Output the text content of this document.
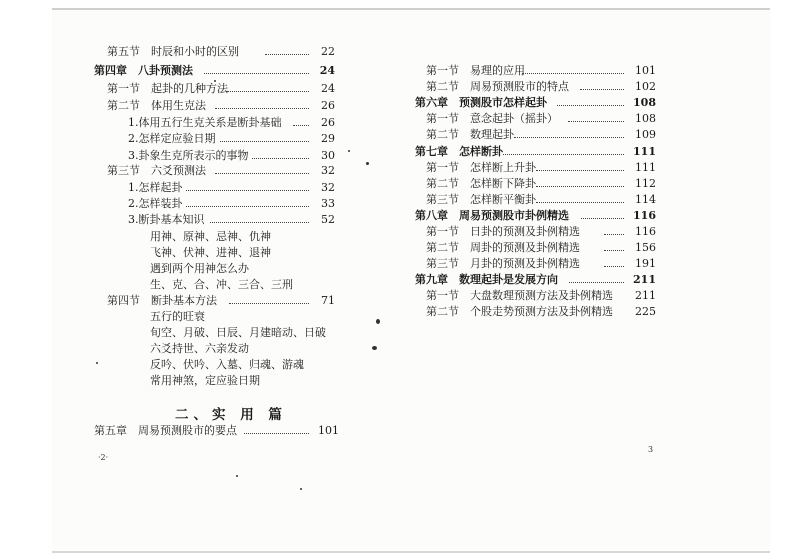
第五节　时辰和小时的区别	22
第四章　八卦预测法	24
第一节　起卦的几种方法	24
第二节　体用生克法	26
1.体用五行生克关系是断卦基础	26
2.怎样定应验日期	29
3.卦象生克所表示的事物	30
第三节　六爻预测法	32
1.怎样起卦	32
2.怎样装卦	33
3.断卦基本知识	52
用神、原神、忌神、仇神
飞神、伏神、进神、退神
遇到两个用神怎么办
生、克、合、冲、三合、三刑
第四节　断卦基本方法	71
五行的旺衰
旬空、月破、日辰、月建暗动、日破
六爻持世、六亲发动
反吟、伏吟、入墓、归魂、游魂
常用神煞，定应验日期
二、实 用 篇
第五章　周易预测股市的要点	101
·2·
第一节　易理的应用	101
第二节　周易预测股市的特点	102
第六章　预测股市怎样起卦	108
第一节　意念起卦（摇卦）	108
第二节　数理起卦	109
第七章　怎样断卦	111
第一节　怎样断上升卦	111
第二节　怎样断下降卦	112
第三节　怎样断平衡卦	114
第八章　周易预测股市卦例精选	116
第一节　日卦的预测及卦例精选	116
第二节　周卦的预测及卦例精选	156
第三节　月卦的预测及卦例精选	191
第九章　数理起卦是发展方向	211
第一节　大盘数理预测方法及卦例精选	211
第二节　个股走势预测方法及卦例精选	225
3
